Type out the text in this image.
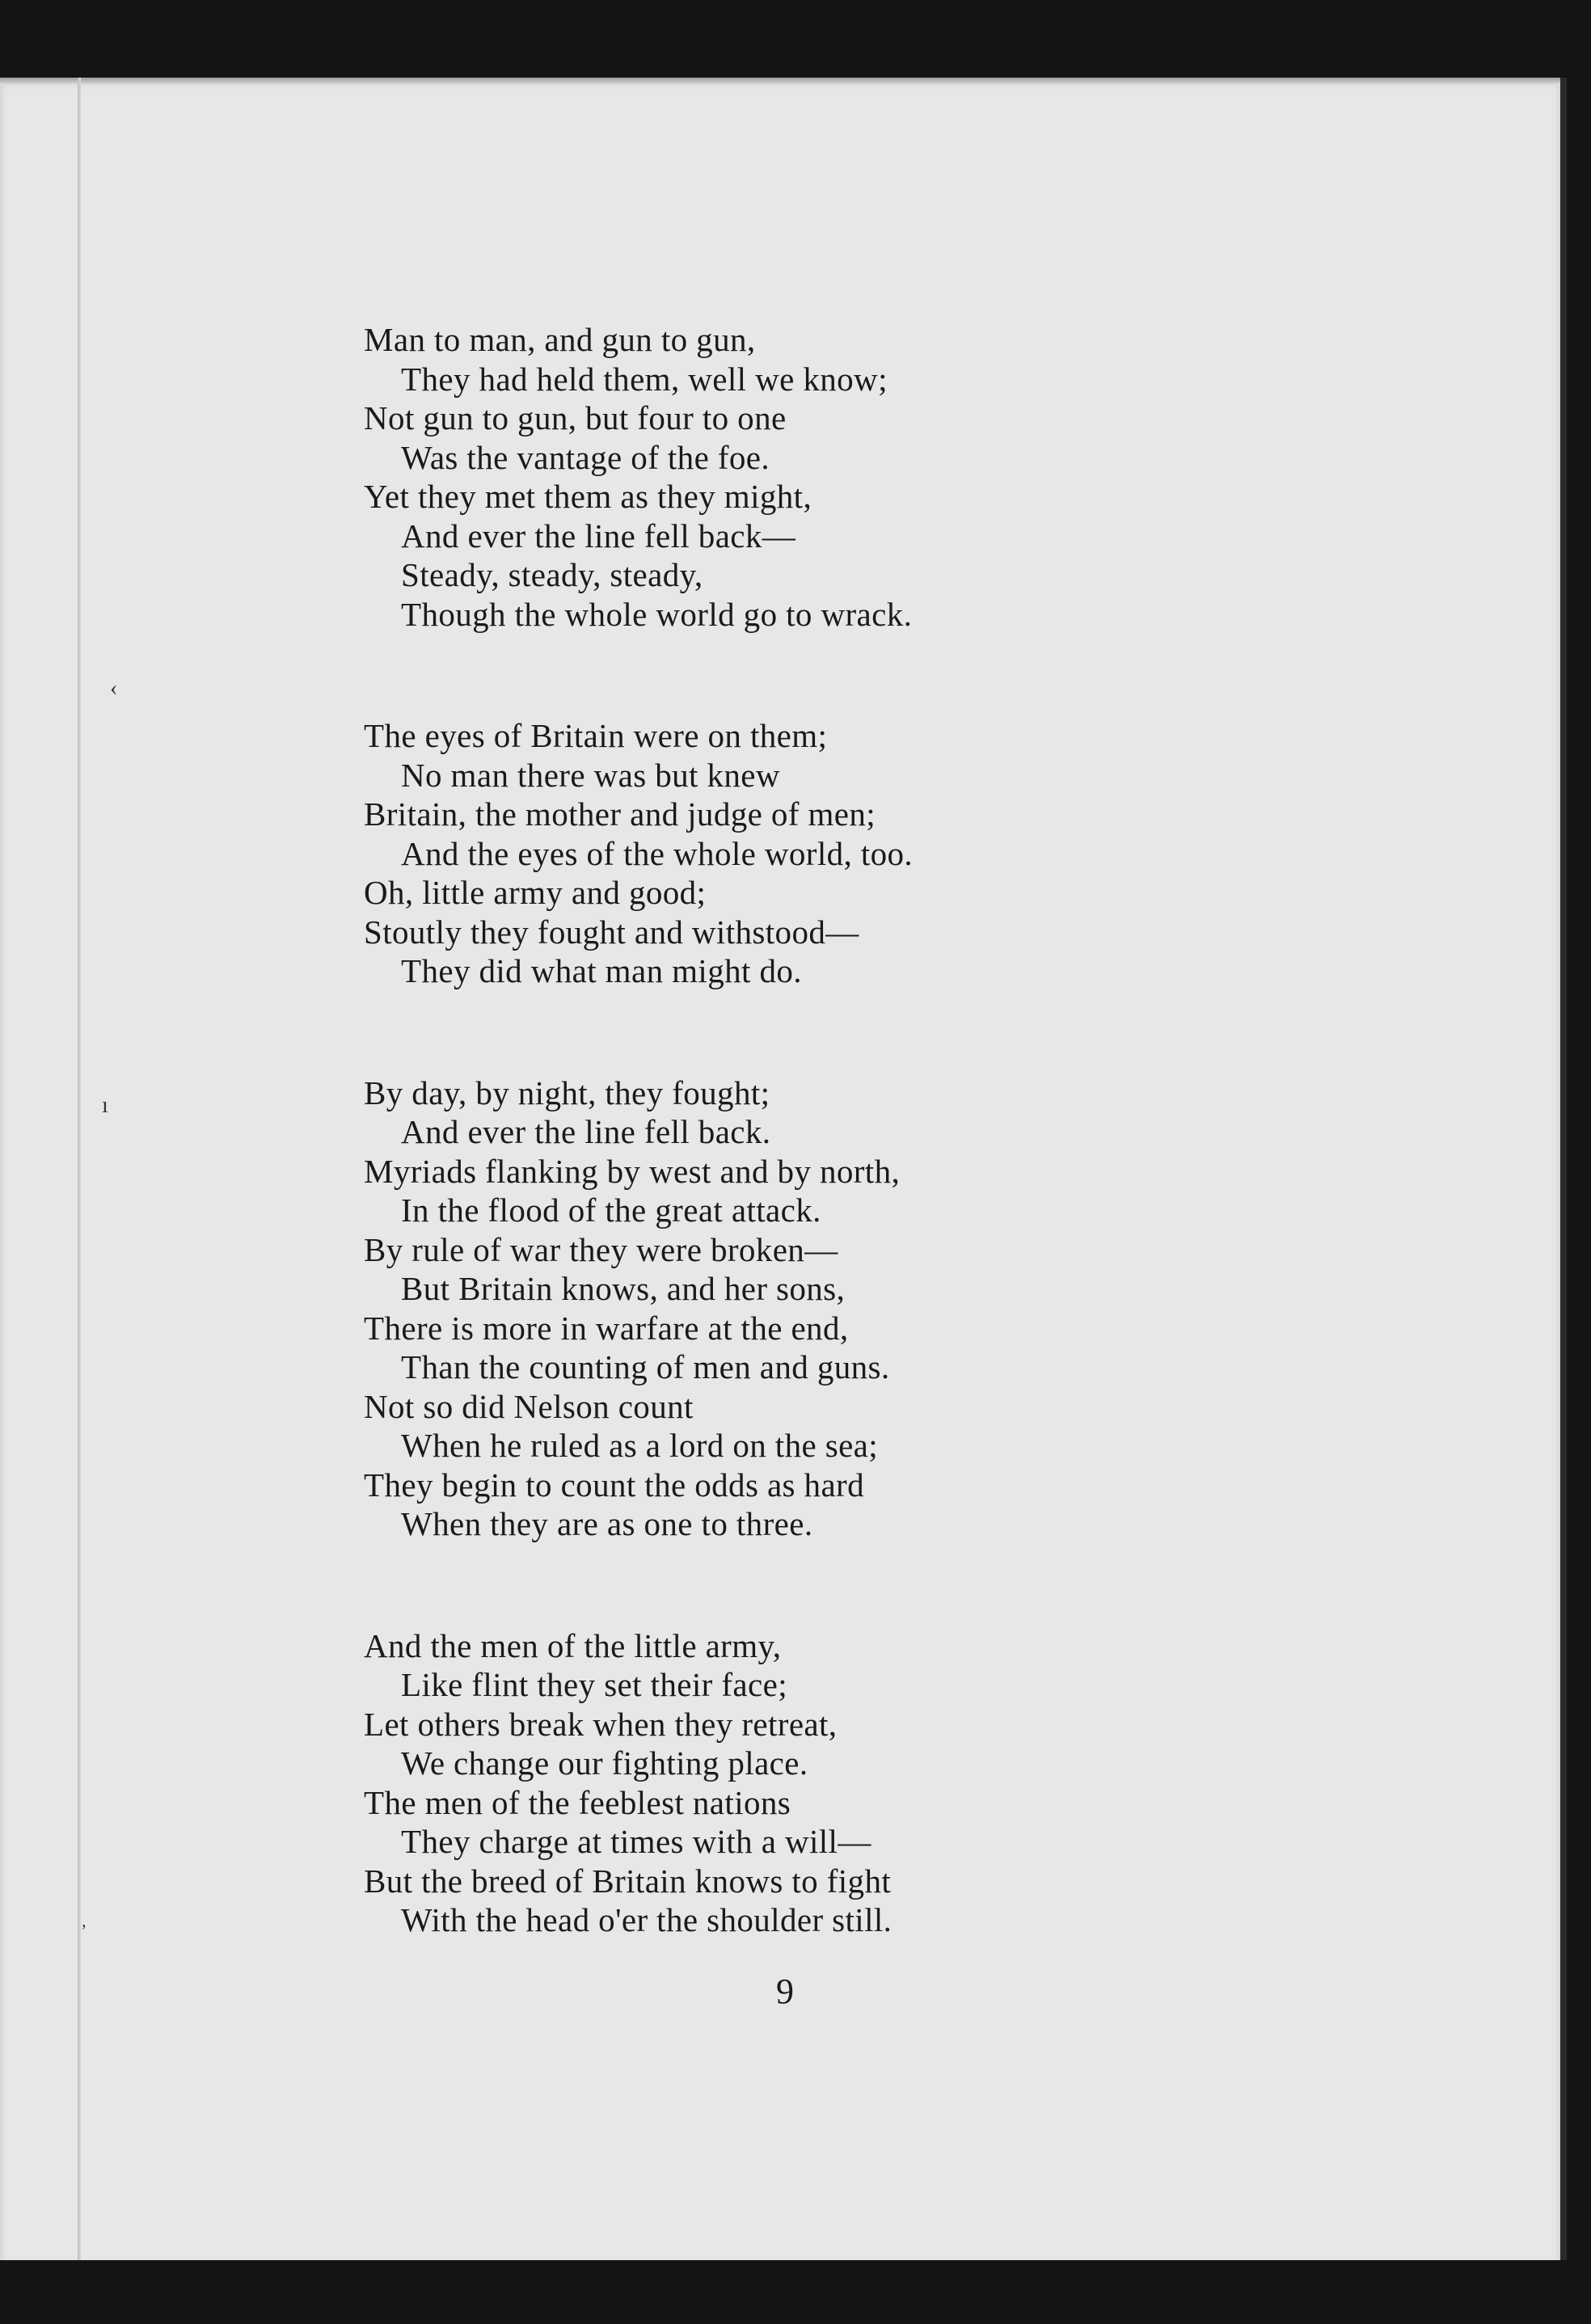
‹
ı
ʼ
Man to man, and gun to gun,
They had held them, well we know;
Not gun to gun, but four to one
Was the vantage of the foe.
Yet they met them as they might,
And ever the line fell back—
Steady, steady, steady,
Though the whole world go to wrack.
The eyes of Britain were on them;
No man there was but knew
Britain, the mother and judge of men;
And the eyes of the whole world, too.
Oh, little army and good;
Stoutly they fought and withstood—
They did what man might do.
By day, by night, they fought;
And ever the line fell back.
Myriads flanking by west and by north,
In the flood of the great attack.
By rule of war they were broken—
But Britain knows, and her sons,
There is more in warfare at the end,
Than the counting of men and guns.
Not so did Nelson count
When he ruled as a lord on the sea;
They begin to count the odds as hard
When they are as one to three.
And the men of the little army,
Like flint they set their face;
Let others break when they retreat,
We change our fighting place.
The men of the feeblest nations
They charge at times with a will—
But the breed of Britain knows to fight
With the head o'er the shoulder still.
9
